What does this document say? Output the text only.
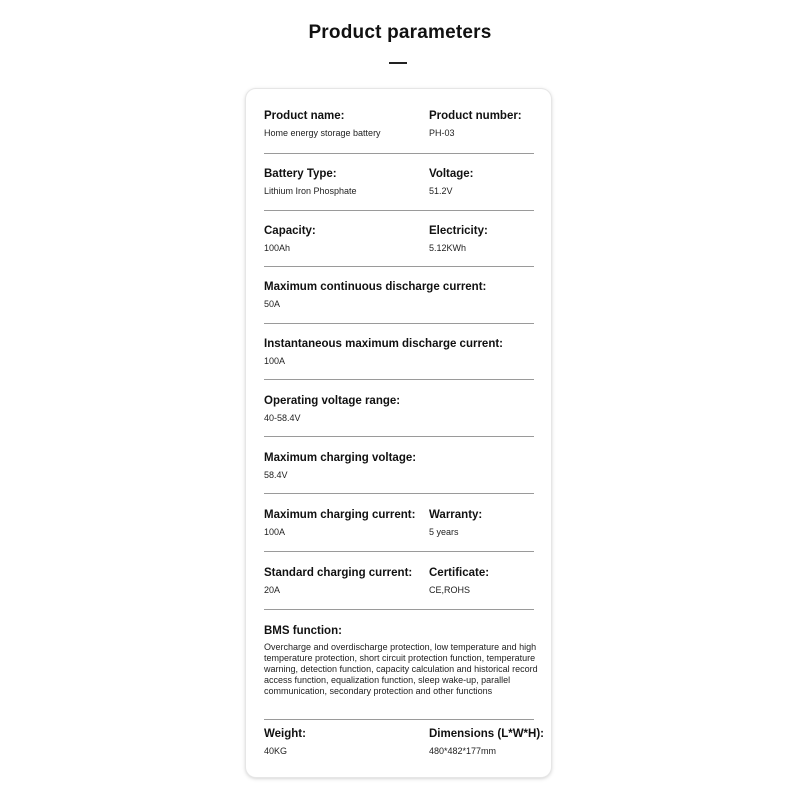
Product parameters
Product name:
Home energy storage battery
Product number:
PH-03
Battery Type:
Lithium Iron Phosphate
Voltage:
51.2V
Capacity:
100Ah
Electricity:
5.12KWh
Maximum continuous discharge current:
50A
Instantaneous maximum discharge current:
100A
Operating voltage range:
40-58.4V
Maximum charging voltage:
58.4V
Maximum charging current:
100A
Warranty:
5 years
Standard charging current:
20A
Certificate:
CE,ROHS
BMS function:
Overcharge and overdischarge protection, low temperature and high temperature protection, short circuit protection function, temperature warning, detection function, capacity calculation and historical record access function, equalization function, sleep wake-up, parallel communication, secondary protection and other functions
Weight:
40KG
Dimensions (L*W*H):
480*482*177mm
